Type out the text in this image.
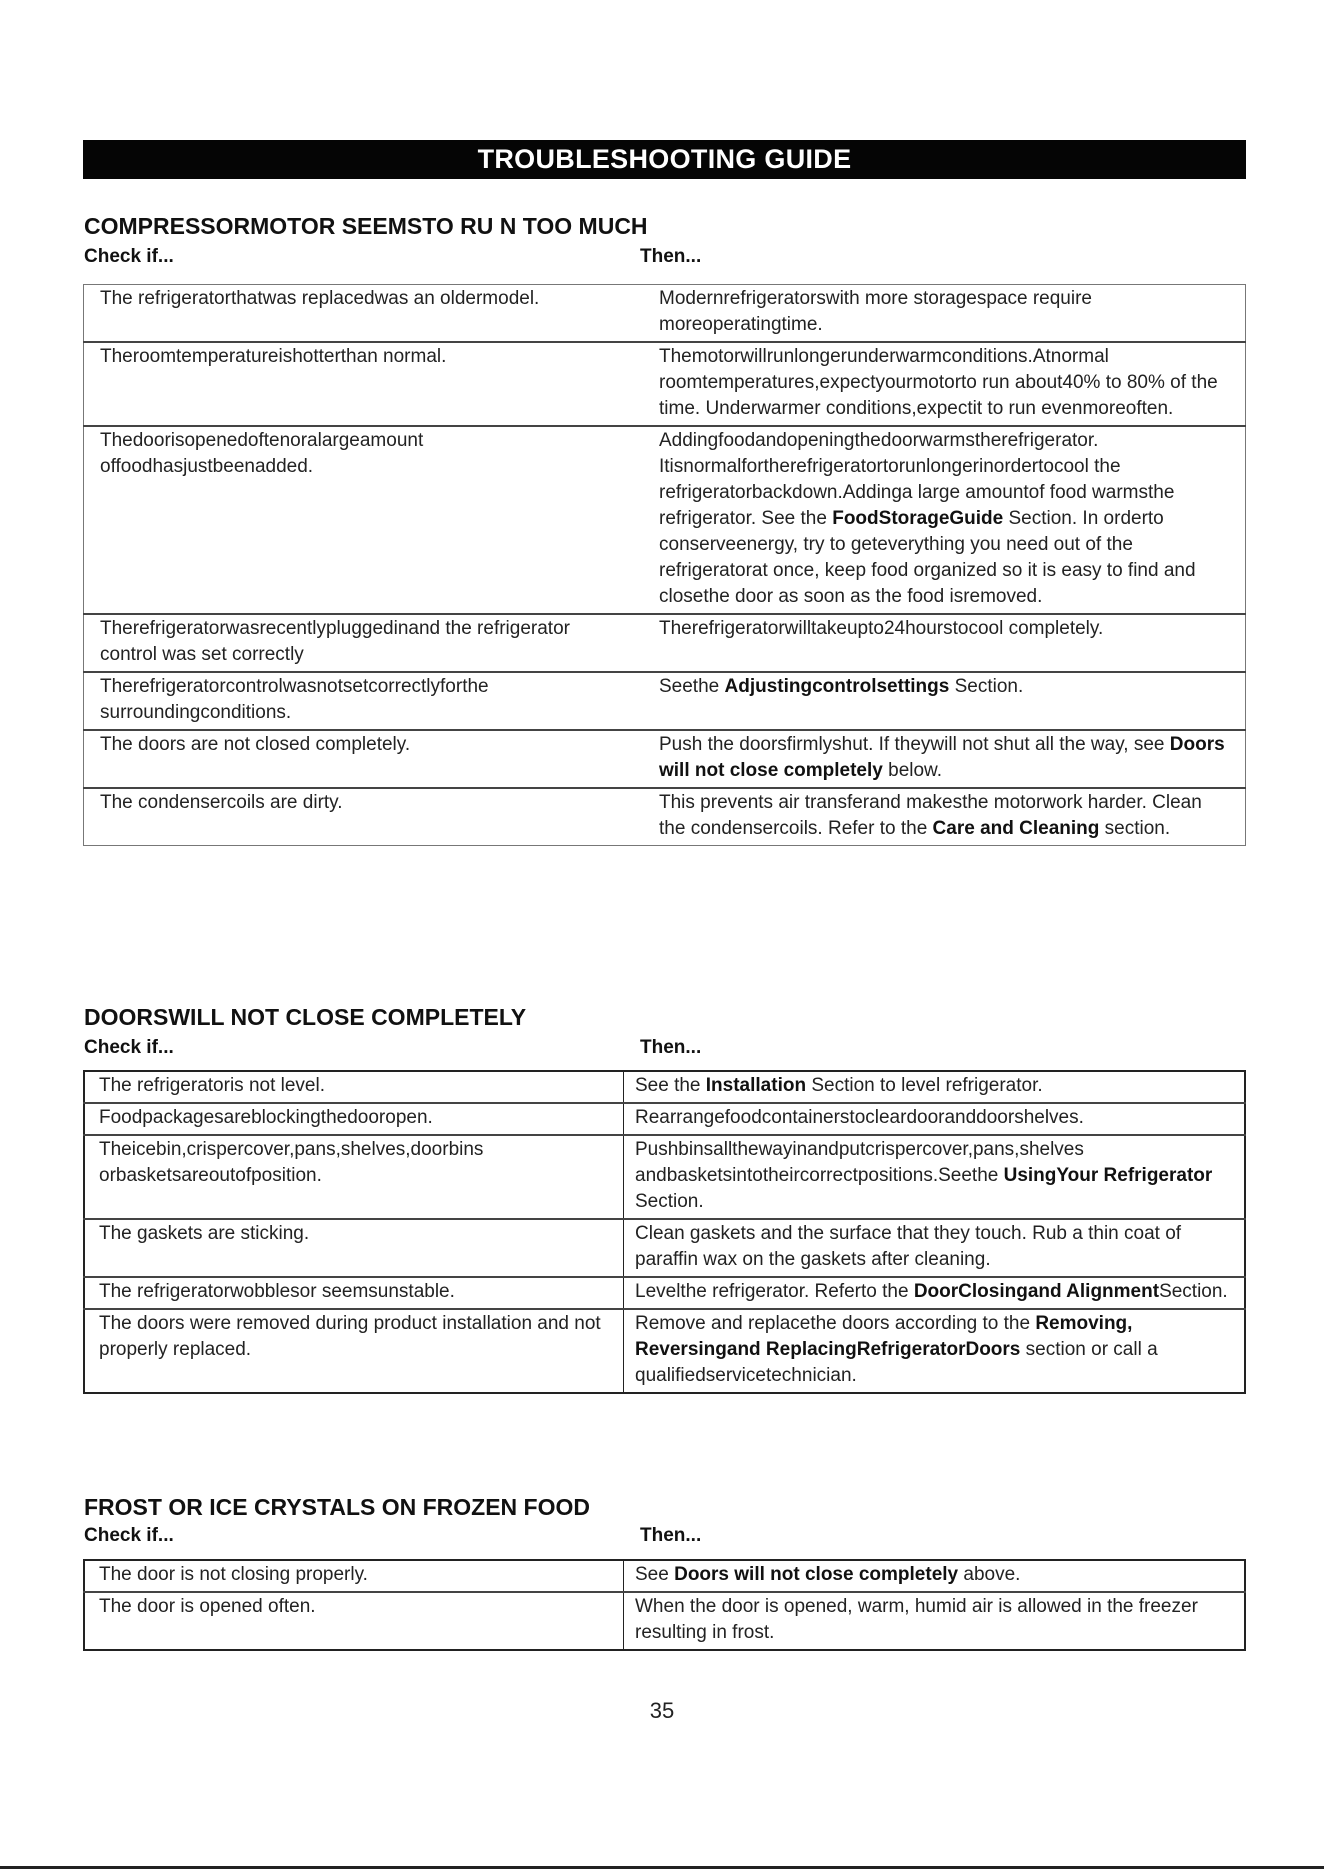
TROUBLESHOOTING GUIDE
COMPRESSORMOTOR SEEMSTO RU N TOO MUCH
Check if...	Then...
The refrigeratorthatwas replacedwas an oldermodel.	Modernrefrigeratorswith more storagespace require moreoperatingtime.
Theroomtemperatureishotterthan normal.	Themotorwillrunlongerunderwarmconditions.Atnormal roomtemperatures,expectyourmotorto run about40% to 80% of the time. Underwarmer conditions,expectit to run evenmoreoften.
Thedoorisopenedoftenoralargeamount offoodhasjustbeenadded.	Addingfoodandopeningthedoorwarmstherefrigerator. Itisnormalfortherefrigeratortorunlongerinordertocool the refrigeratorbackdown.Addinga large amountof food warmsthe refrigerator. See the FoodStorageGuide Section. In orderto conserveenergy, try to geteverything you need out of the refrigeratorat once, keep food organized so it is easy to find and closethe door as soon as the food isremoved.
Therefrigeratorwasrecentlypluggedinand the refrigerator control was set correctly	Therefrigeratorwilltakeupto24hourstocool completely.
Therefrigeratorcontrolwasnotsetcorrectlyforthe surroundingconditions.	Seethe Adjustingcontrolsettings Section.
The doors are not closed completely.	Push the doorsfirmlyshut. If theywill not shut all the way, see Doors will not close completely below.
The condensercoils are dirty.	This prevents air transferand makesthe motorwork harder. Clean the condensercoils. Refer to the Care and Cleaning section.
DOORSWILL NOT CLOSE COMPLETELY
Check if...	Then...
The refrigeratoris not level.	See the Installation Section to level refrigerator.
Foodpackagesareblockingthedooropen.	Rearrangefoodcontainerstocleardooranddoorshelves.
Theicebin,crispercover,pans,shelves,doorbins orbasketsareoutofposition.	Pushbinsallthewayinandputcrispercover,pans,shelves andbasketsintotheircorrectpositions.Seethe UsingYour Refrigerator Section.
The gaskets are sticking.	Clean gaskets and the surface that they touch. Rub a thin coat of paraffin wax on the gaskets after cleaning.
The refrigeratorwobblesor seemsunstable.	Levelthe refrigerator. Referto the DoorClosingand AlignmentSection.
The doors were removed during product installation and not properly replaced.	Remove and replacethe doors according to the Removing, Reversingand ReplacingRefrigeratorDoors section or call a qualifiedservicetechnician.
FROST OR ICE CRYSTALS ON FROZEN FOOD
Check if...	Then...
The door is not closing properly.	See Doors will not close completely above.
The door is opened often.	When the door is opened, warm, humid air is allowed in the freezer resulting in frost.
35
